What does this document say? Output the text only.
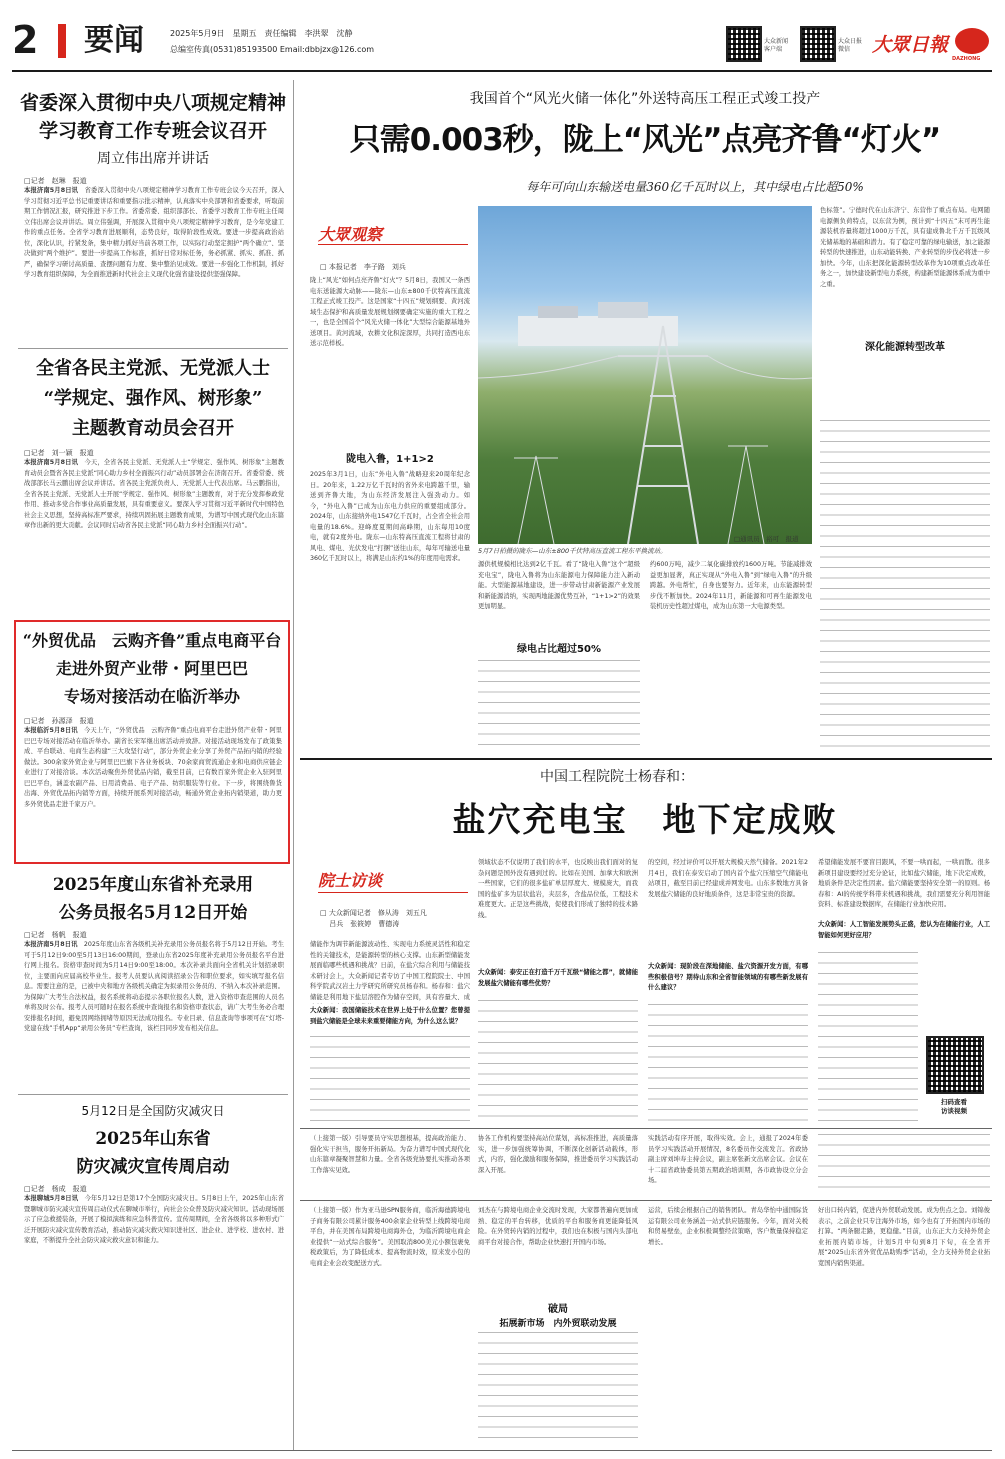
2 要闻	2025年5月9日　星期五　责任编辑　李洪翠　沈静
总编室传真(0531)85193500 Email:dbbjzx@126.com
大众新闻
客户端
大众日报
微信	大眾日報
DAZHONG
省委深入贯彻中央八项规定精神
学习教育工作专班会议召开
周立伟出席并讲话
□记者　赵琳　报道
本报济南5月8日讯　 省委深入贯彻中央八项规定精神学习教育工作专班会议今天召开，深入学习贯彻习近平总书记重要讲话和重要指示批示精神，认真落实中央部署和省委要求，听取前期工作情况汇报，研究推进下步工作。省委常委、组织部部长、省委学习教育工作专班主任周立伟出席会议并讲话。周立伟强调，开展深入贯彻中央八项规定精神学习教育，是今年党建工作的重点任务。全省学习教育进展顺利，态势良好，取得阶段性成效。要进一步提高政治站位，深化认识，拧紧发条，集中精力抓好当前各项工作，以实际行动坚定拥护“两个确立”、坚决做到“两个维护”。要进一步提高工作标准，抓好日常对标任务，务必抓紧、抓实、抓准、抓严，确保学习研讨高质量、查摆问题有力度、集中整治见成效。要进一步强化工作机制，抓好学习教育组织保障，为全面推进新时代社会主义现代化强省建设提供坚强保障。
全省各民主党派、无党派人士
“学规定、强作风、树形象”
主题教育动员会召开
□记者　刘一颖　报道
本报济南5月8日讯　 今天，全省各民主党派、无党派人士“学规定、强作风、树形象”主题教育动员会暨省各民主党派“同心助力乡村全面振兴行动”动员部署会在济南召开。省委常委、统战部部长马云鹏出席会议并讲话。省各民主党派负责人、无党派人士代表出席。马云鹏指出，全省各民主党派、无党派人士开展“学规定、强作风、树形象”主题教育，对于充分发挥参政党作用、推动多党合作事业高质量发展，具有重要意义。要深入学习贯彻习近平新时代中国特色社会主义思想，坚持高标准严要求，持续巩固拓展主题教育成果，为谱写中国式现代化山东篇章作出新的更大贡献。会议同时启动省各民主党派“同心助力乡村全面振兴行动”。
“外贸优品　云购齐鲁”重点电商平台
走进外贸产业带・阿里巴巴
专场对接活动在临沂举办
□记者　孙源泽　报道
本报临沂5月8日讯　 今天上午，“外贸优品　云购齐鲁”重点电商平台走进外贸产业带・阿里巴巴专场对接活动在临沂举办。副省长宋军继出席活动并致辞。对接活动现场发布了政策集成、平台联动、电商生态构建“三大攻坚行动”，部分外贸企业分享了外贸产品拓内销的经验做法。300余家外贸企业与阿里巴巴旗下各业务板块、70余家商贸流通企业和电商供应链企业进行了对接洽谈。本次活动聚焦外贸优品内销，截至目前，已有数百家外贸企业入驻阿里巴巴平台，涵盖农副产品、日用消费品、电子产品、纺织服装等行业。下一步，将围绕鲁货出海、外贸优品拓内销等方面，持续开展系列对接活动，畅通外贸企业拓内销渠道，助力更多外贸优品走进千家万户。
2025年度山东省补充录用
公务员报名5月12日开始
□记者　杨帆　报道
本报济南5月8日讯　 2025年度山东省各级机关补充录用公务员报名将于5月12日开始。考生可于5月12日9:00至5月13日16:00期间，登录山东省2025年度补充录用公务员报名平台进行网上报名。资格审查时间为5月14日9:00至18:00。本次补录共面向全省机关计划招录职位，主要面向应届高校毕业生。报考人员要认真阅读招录公告和职位要求，如实填写报名信息。需要注意的是，已被中央和地方各级机关确定为拟录用公务员的、不纳入本次补录范围。为保障广大考生合法权益，报名系统将动态提示各职位报名人数，进入资格审查范围的人员名单将及时公布。报考人员可随时在报名系统中查询报名和资格审查状态，请广大考生务必合理安排报名时间，避免因网络拥堵等原因无法成功报名。专业目录、信息查询等事项可在“灯塔-党建在线”手机App“录用公务员”专栏查询，该栏目同步发布相关信息。
5月12日是全国防灾减灾日
2025年山东省
防灾减灾宣传周启动
□记者　杨成　报道
本报聊城5月8日讯　 今年5月12日是第17个全国防灾减灾日。5月8日上午，2025年山东省暨聊城市防灾减灾宣传周启动仪式在聊城市举行，向社会公众普及防灾减灾知识。活动现场展示了应急救援装备，开展了模拟演练和应急科普宣传。宣传周期间，全省各级将以多种形式广泛开展防灾减灾宣传教育活动，推动防灾减灾救灾知识进社区、进企业、进学校、进农村、进家庭，不断提升全社会防灾减灾救灾意识和能力。
我国首个“风光火储一体化”外送特高压工程正式竣工投产
只需0.003秒，陇上“风光”点亮齐鲁“灯火”
每年可向山东输送电量360亿千瓦时以上，其中绿电占比超50%
大眾观察
□ 本报记者　李子路　刘兵
5月7日拍摄的陇东—山东±800千伏特高压直流工程东平换流站。
陇上“风光”如何点亮齐鲁“灯火”？5月8日，我国又一条西电东送能源大动脉——陇东—山东±800千伏特高压直流工程正式竣工投产。这是国家“十四五”规划纲要、黄河流域生态保护和高质量发展规划纲要确定实施的重大工程之一，也是全国首个“风光火储一体化”大型综合能源基地外送项目。黄河流域，农耕文化积淀深厚，共同打造西电东送示范样板。
陇电入鲁，1+1>2
2025年3月1日，山东“外电入鲁”战略迎来20周年纪念日。20年来，1.22万亿千瓦时的省外来电跨越千里，输送到齐鲁大地，为山东经济发展注入强劲动力。如今，“外电入鲁”已成为山东电力供应的重要组成部分。2024年，山东接纳外电1547亿千瓦时，占全省全社会用电量的18.6%。迎峰度夏期间高峰期，山东每用10度电，就有2度外电。陇东—山东特高压直流工程将甘肃的风电、煤电、光伏发电“打捆”送往山东，每年可输送电量360亿千瓦时以上，将满足山东约1%的年度用电需求。
源供机规模相比达到2亿千瓦。看了“陇电入鲁”这个“超级充电宝”，陇电入鲁将为山东能源电力保障能力注入新动能。大型能源基地建设，进一步带动甘肃新能源产业发展和新能源消纳，实现两地能源优势互补，“1+1>2”的效果更加明显。
绿电占比超过50%
约600万吨，减少二氧化碳排放约1600万吨。节能减排效益更加显著，真正实现从“外电入鲁”到“绿电入鲁”的升级跨越。外电帮忙，自身也要努力。近年来，山东能源转型步伐不断加快。2024年11月，新能源和可再生能源发电装机历史性超过煤电，成为山东第一大电源类型。
□通讯员　裕可　报道
色标签”。宁德时代在山东济宁、东营作了重点布局。电网随电源侧负荷特点，以东营为例，预计到“十四五”末可再生能源装机容量将超过1000万千瓦，具有建成鲁北千万千瓦级风光储基地的基础和潜力。有了稳定可靠的绿电输送，加之能源转型的快速推进，山东动能转换、产业转型的步伐必将进一步加快。今年，山东把深化能源转型改革作为10项重点改革任务之一，加快建设新型电力系统，构建新型能源体系成为重中之重。
深化能源转型改革
中国工程院院士杨春和：
盐穴充电宝　地下定成败
院士访谈
□ 大众新闻记者　修从涛　刘五凡
　 吕兵　张筱婷　曹德涛
储能作为调节新能源波动性、实现电力系统灵活性和稳定性的关键技术，是能源转型的核心支撑。山东新型储能发展面临哪些机遇和挑战？日前，在盐穴综合利用与储能技术研讨会上，大众新闻记者专访了中国工程院院士、中国科学院武汉岩土力学研究所研究员杨春和。杨春和：盐穴储能是利用地下盐层溶腔作为储存空间，具有容量大、成
大众新闻：我国储能技术在世界上处于什么位置？您曾提到盐穴储能是全球未来重要储能方向，为什么这么说？
领域状态不仅说明了我们的水平，也反映出我们面对的复杂问题是国外没有遇到过的。比如在美国、加拿大和欧洲一些国家，它们的很多盐矿单层厚度大、规模庞大，而我国的盐矿多为层状盐岩，夹层多，含盐品位低，工程技术难度更大。正是这些挑战，促使我们形成了独特的技术路线。
大众新闻：泰安正在打造千万千瓦级“储能之都”，就储能发展盐穴储能有哪些优势？
的空间，经过评价可以开展大规模天然气储备。2021年2月4日，我们在泰安启动了国内首个盐穴压缩空气储能电站项目，截至目前已经建成并网发电。山东多数地方具备发展盐穴储能的良好地质条件，这是非常宝贵的资源。
大众新闻：现阶段在深地储能、盐穴资源开发方面，有哪些积极信号？期待山东和全省智能领域的有哪些新发展有什么建议？
希望储能发展不要盲目跟风，不要一哄而起，一哄而散。很多新项目建设要经过充分论证，比如盐穴储能，地下决定成败，地质条件是决定性因素。盐穴储能要坚持安全第一的原则。杨春和：AI的传统学科带来机遇和挑战，我们需要充分利用智能资料、标准建设数据库，在储能行业加快应用。
大众新闻：人工智能发展势头正盛，您认为在储能行业，人工智能如何更好应用？
扫码查看
访谈视频
（上接第一版）引导要员守实思想根基，提高政治能力、强化实干担当，服务开拓新局。为奋力谱写中国式现代化山东篇章凝聚智慧和力量。全省各级党协要扎实推动各项工作落实见效。
协各工作机构要坚持高站位谋划，高标准推进，高质量落实，进一步加强统筹协调，不断深化创新活动载体，形式，内容，强化激励和服务保障，推进委员学习实践活动深入开展。
实践活动有序开展，取得实效。会上，通报了2024年委员学习实践活动开展情况，8名委员作交流发言。省政协副主席刘坤寿主持会议，副主席张新文出席会议。会议在十二届省政协委员第五期政治培训期，各市政协设立分会场。
（上接第一版）作为亚马逊SPN服务商，临沂海德跨境电子商务有限公司累计服务400余家企业转型上线跨境电商平台，并在美国布局跨境电商海外仓，为临沂跨境电商企业提供“一站式综合服务”。美国取消800美元小额包裹免税政策后，为了降低成本、提高物流时效，原来发小包的电商企业会改变配送方式。
刘杰在与跨境电商企业交流时发现，大家都普遍向更加成熟、稳定的平台转移，优质的平台和服务商更能降低风险。在外贸转内销的过程中，我们也在积极与国内头部电商平台对接合作，帮助企业快速打开国内市场。
破局
拓展新市场　内外贸联动发展
运营，后续会根据自己的销售团队。青岛华怡中通国际货运有限公司业务涵盖一站式供应链服务。今年，面对关税和贸易壁垒，企业积极调整经营策略，客户数量保持稳定增长。
好出口转内销，促进内外贸联动发展。成为焦点之急。刘锦俊表示，之前企业只专注海外市场，如今也有了开拓国内市场的打算。“两条腿走路，更稳健。”目前，山东正大力支持外贸企业拓展内销市场，计划5月中旬到8月下旬，在全省开展“2025山东省外贸优品助购季”活动，全力支持外贸企业拓宽国内销售渠道。
